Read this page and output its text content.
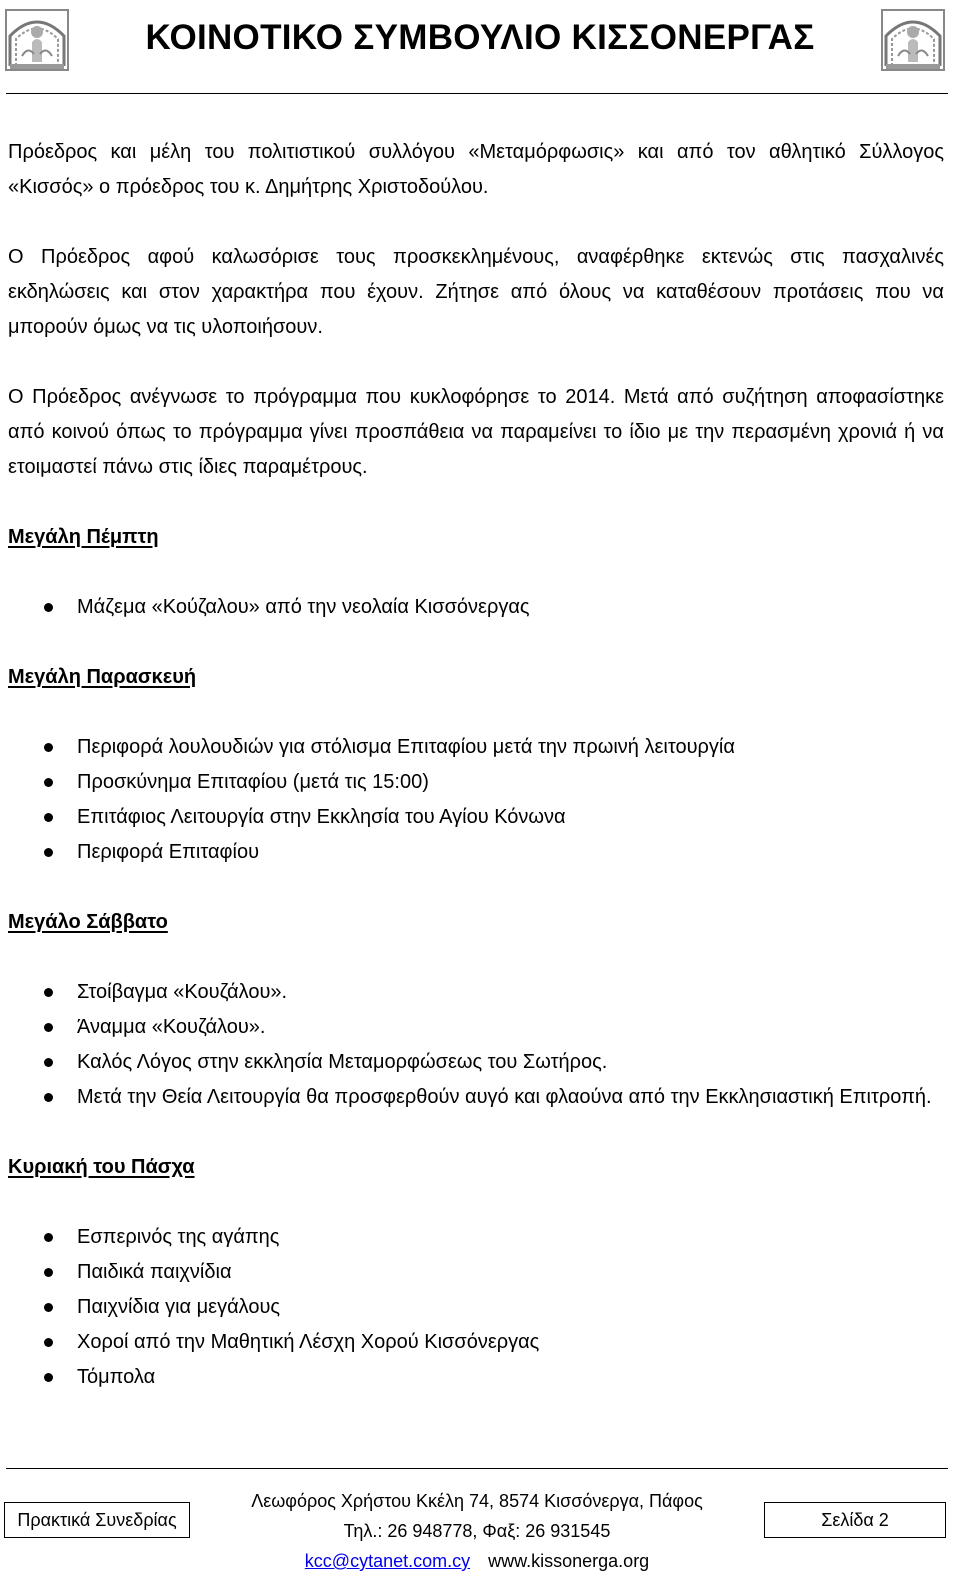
ΚΟΙΝΟΤΙΚΟ ΣΥΜΒΟΥΛΙΟ ΚΙΣΣΟΝΕΡΓΑΣ

Πρόεδρος και μέλη του πολιτιστικού συλλόγου «Μεταμόρφωσις» και από τον αθλητικό Σύλλογος «Κισσός» ο πρόεδρος του κ. Δημήτρης Χριστοδούλου.

Ο Πρόεδρος αφού καλωσόρισε τους προσκεκλημένους, αναφέρθηκε εκτενώς στις πασχαλινές εκδηλώσεις και στον χαρακτήρα που έχουν. Ζήτησε από όλους να καταθέσουν προτάσεις που να μπορούν όμως να τις υλοποιήσουν.

Ο Πρόεδρος ανέγνωσε το πρόγραμμα που κυκλοφόρησε το 2014. Μετά από συζήτηση αποφασίστηκε από κοινού όπως το πρόγραμμα γίνει προσπάθεια να παραμείνει το ίδιο με την περασμένη χρονιά ή να ετοιμαστεί πάνω στις ίδιες παραμέτρους.

Μεγάλη Πέμπτη
Μάζεμα «Κούζαλου» από την νεολαία Κισσόνεργας
Μεγάλη Παρασκευή
Περιφορά λουλουδιών για στόλισμα Επιταφίου μετά την πρωινή λειτουργία
Προσκύνημα Επιταφίου (μετά τις 15:00)
Επιτάφιος Λειτουργία στην Εκκλησία του Αγίου Κόνωνα
Περιφορά Επιταφίου
Μεγάλο Σάββατο
Στοίβαγμα «Κουζάλου».
Άναμμα «Κουζάλου».
Καλός Λόγος στην εκκλησία Μεταμορφώσεως του Σωτήρος.
Μετά την Θεία Λειτουργία θα προσφερθούν αυγό και φλαούνα από την Εκκλησιαστική Επιτροπή.
Κυριακή του Πάσχα
Εσπερινός της αγάπης
Παιδικά παιχνίδια
Παιχνίδια για μεγάλους
Χοροί από την Μαθητική Λέσχη Χορού Κισσόνεργας
Τόμπολα
Πρακτικά Συνεδρίας
Λεωφόρος Χρήστου Κκέλη 74, 8574 Κισσόνεργα, Πάφος
Τηλ.: 26 948778, Φαξ: 26 931545
kcc@cytanet.com.cy www.kissonerga.org
Σελίδα 2
